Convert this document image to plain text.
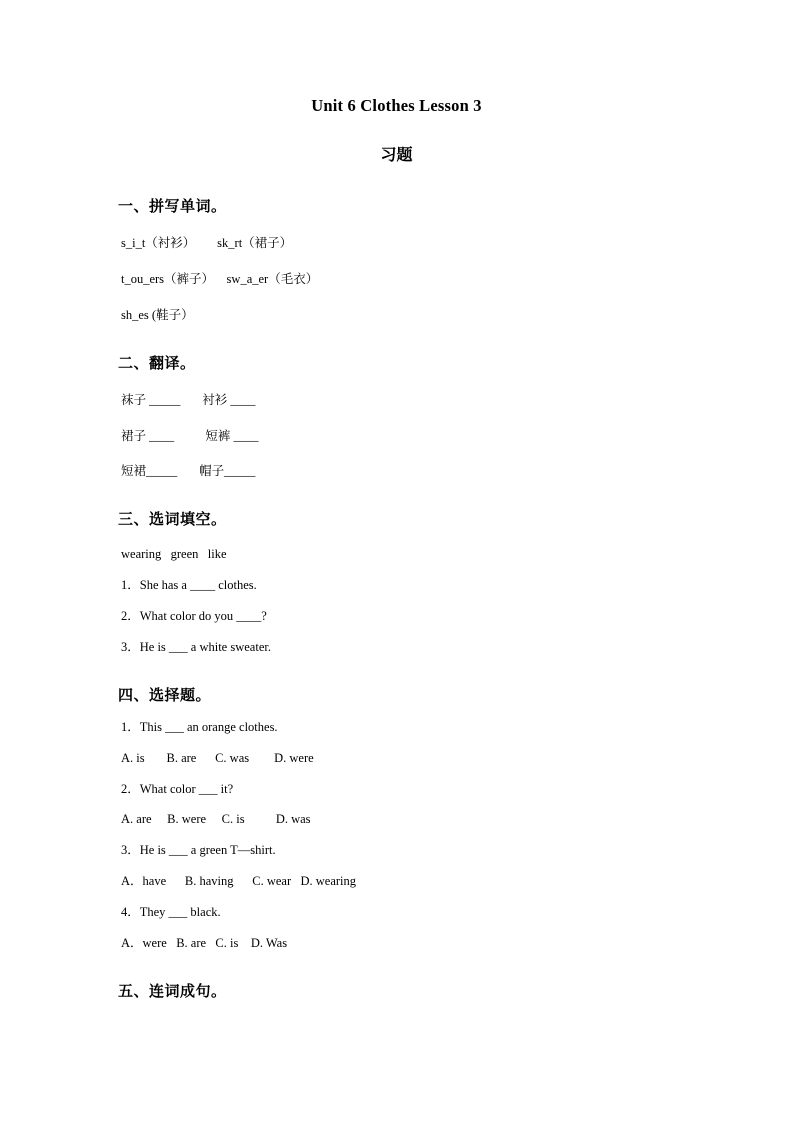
Unit 6 Clothes Lesson 3
习题
一、拼写单词。
s_i_t（衬衫）       sk_rt（裙子）
t_ou_ers（裤子）    sw_a_er（毛衣）
sh_es (鞋子）
二、翻译。
袜子 _____       衬衫 ____
裙子 ____          短裤 ____
短裙_____       帽子_____
三、选词填空。
wearing   green   like
1．She has a ____ clothes.
2．What color do you ____?
3．He is ___ a white sweater.
四、选择题。
1．This ___ an orange clothes.
A. is       B. are      C. was        D. were
2．What color ___ it?
A. are     B. were     C. is          D. was
3．He is ___ a green T—shirt.
A．have      B. having      C. wear   D. wearing
4．They ___ black.
A．were   B. are   C. is    D. Was
五、连词成句。
